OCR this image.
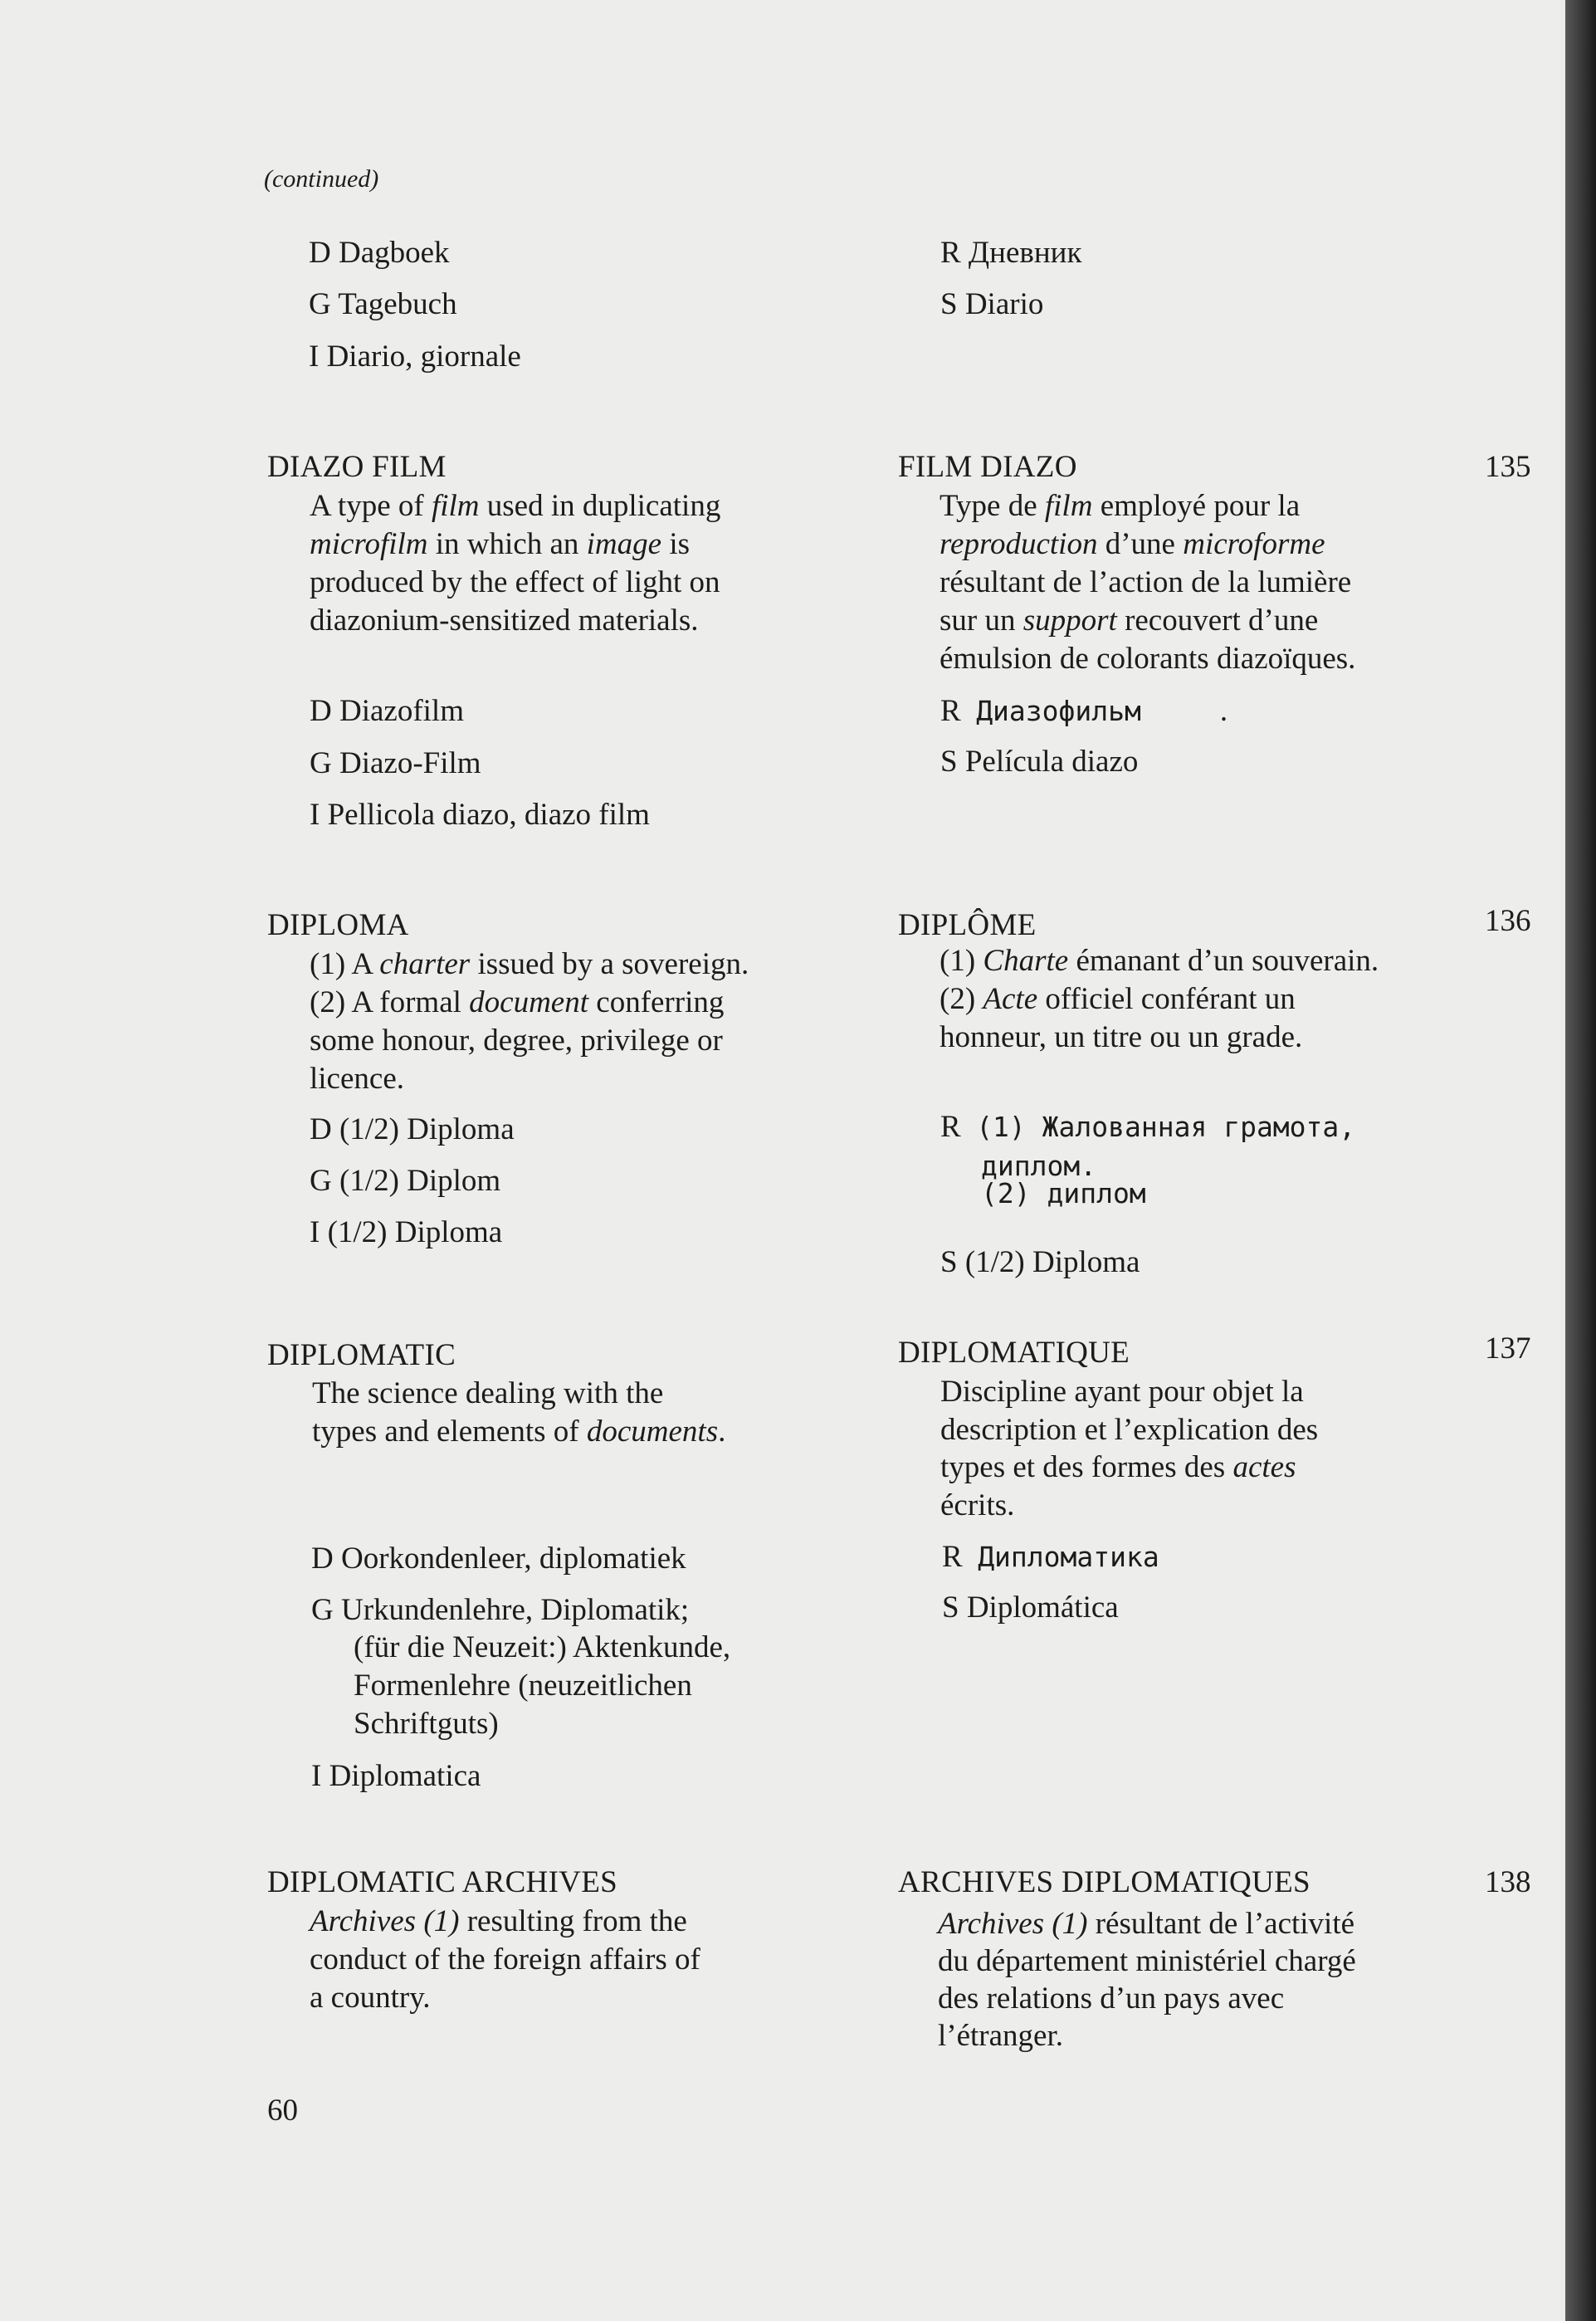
(continued)
D Dagboek
G Tagebuch
I Diario, giornale
R Дневник
S Diario
DIAZO FILM	FILM DIAZO	135
A type of film used in duplicating
microfilm in which an image is
produced by the effect of light on
diazonium-sensitized materials.
Type de film employé pour la
reproduction d’une microforme
résultant de l’action de la lumière
sur un support recouvert d’une
émulsion de colorants diazoïques.
D Diazofilm
G Diazo-Film
I Pellicola diazo, diazo film
R Диазофильм	.
S Película diazo
DIPLOMA	DIPLÔME	136
(1) A charter issued by a sovereign.
(2) A formal document conferring
some honour, degree, privilege or
licence.
(1) Charte émanant d’un souverain.
(2) Acte officiel conférant un
honneur, un titre ou un grade.
D (1/2) Diploma
G (1/2) Diplom
I (1/2) Diploma
R (1) Жалованная грамота,
диплом.
(2) диплом
S (1/2) Diploma
DIPLOMATIC	DIPLOMATIQUE	137
The science dealing with the
types and elements of documents.
Discipline ayant pour objet la
description et l’explication des
types et des formes des actes
écrits.
D Oorkondenleer, diplomatiek
G Urkundenlehre, Diplomatik;
(für die Neuzeit:) Aktenkunde,
Formenlehre (neuzeitlichen
Schriftguts)
I Diplomatica
R Дипломатика
S Diplomática
DIPLOMATIC ARCHIVES	ARCHIVES DIPLOMATIQUES	138
Archives (1) resulting from the
conduct of the foreign affairs of
a country.
Archives (1) résultant de l’activité
du département ministériel chargé
des relations d’un pays avec
l’étranger.
60
